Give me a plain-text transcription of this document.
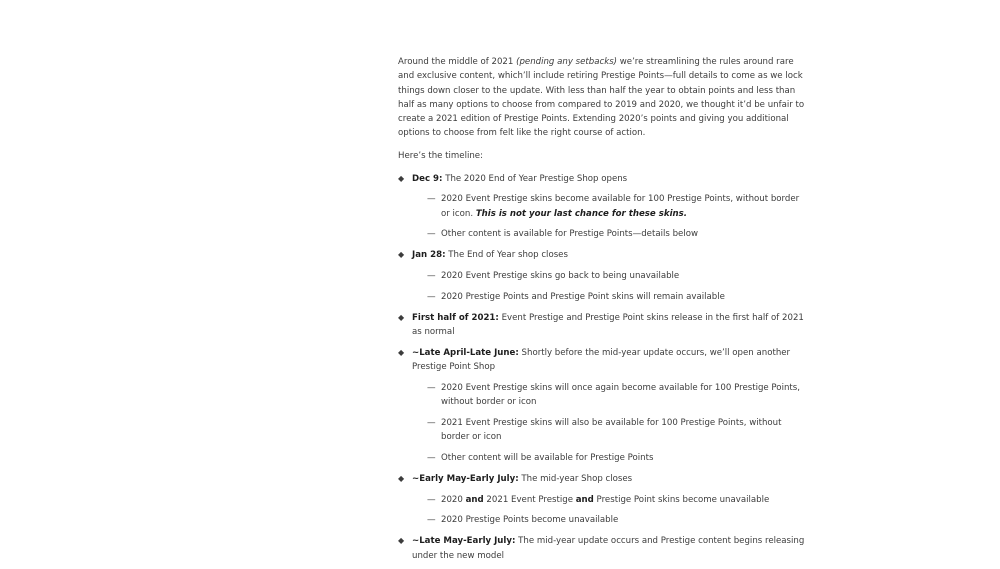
Around the middle of 2021 (pending any setbacks) we’re streamlining the rules around rare and exclusive content, which’ll include retiring Prestige Points—full details to come as we lock things down closer to the update. With less than half the year to obtain points and less than half as many options to choose from compared to 2019 and 2020, we thought it’d be unfair to create a 2021 edition of Prestige Points. Extending 2020’s points and giving you additional options to choose from felt like the right course of action.

Here’s the timeline:

◆ Dec 9: The 2020 End of Year Prestige Shop opens
— 2020 Event Prestige skins become available for 100 Prestige Points, without border or icon. This is not your last chance for these skins.
— Other content is available for Prestige Points—details below
◆ Jan 28: The End of Year shop closes
— 2020 Event Prestige skins go back to being unavailable
— 2020 Prestige Points and Prestige Point skins will remain available
◆ First half of 2021: Event Prestige and Prestige Point skins release in the first half of 2021 as normal
◆ ~Late April-Late June: Shortly before the mid-year update occurs, we’ll open another Prestige Point Shop
— 2020 Event Prestige skins will once again become available for 100 Prestige Points, without border or icon
— 2021 Event Prestige skins will also be available for 100 Prestige Points, without border or icon
— Other content will be available for Prestige Points
◆ ~Early May-Early July: The mid-year Shop closes
— 2020 and 2021 Event Prestige and Prestige Point skins become unavailable
— 2020 Prestige Points become unavailable
◆ ~Late May-Early July: The mid-year update occurs and Prestige content begins releasing under the new model
